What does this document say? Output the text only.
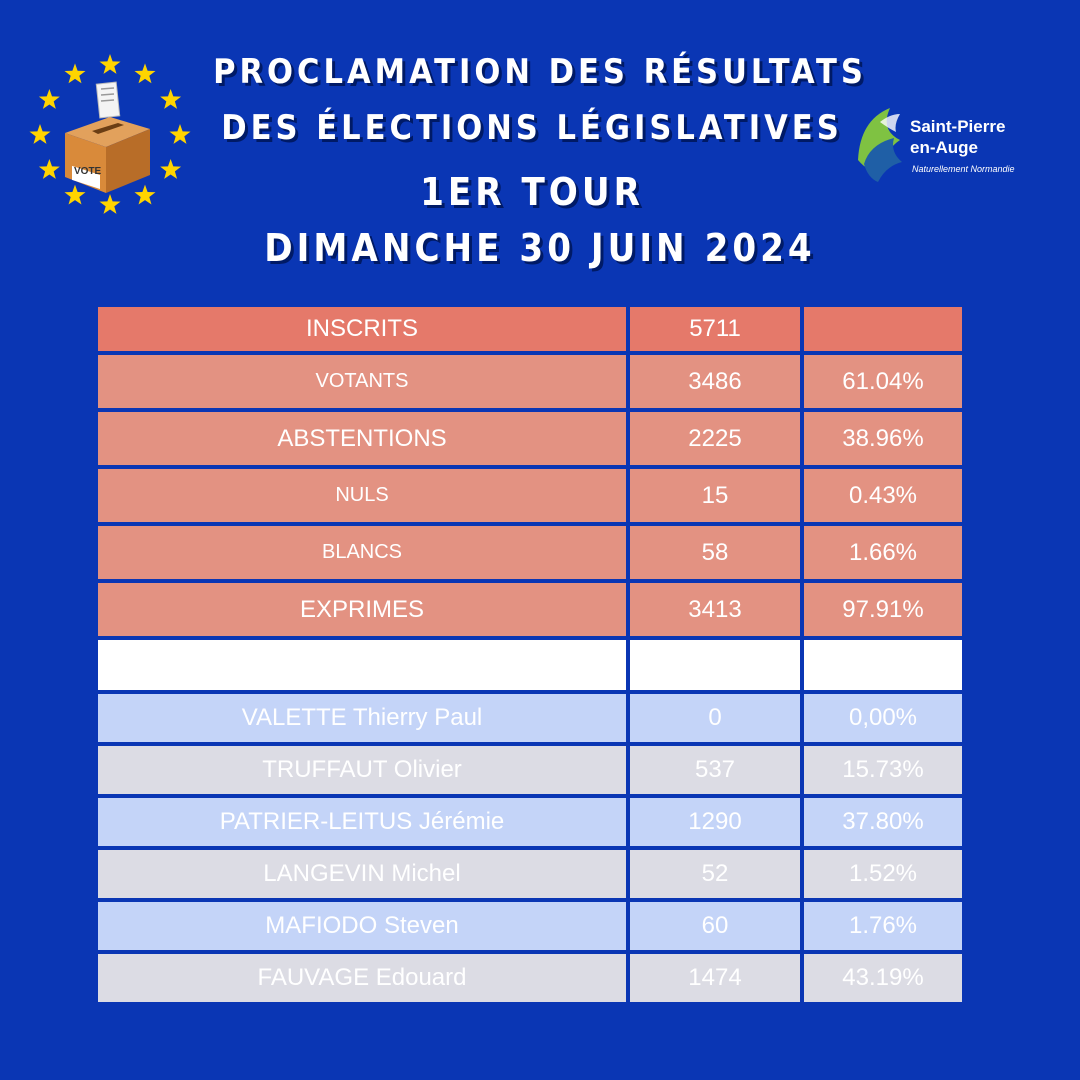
VOTE
PROCLAMATION DES RÉSULTATS
DES ÉLECTIONS LÉGISLATIVES
1ER TOUR
DIMANCHE 30 JUIN 2024
Saint-Pierre
en-Auge
Naturellement Normandie
INSCRITS	5711	
VOTANTS	3486	61.04%
ABSTENTIONS	2225	38.96%
NULS	15	0.43%
BLANCS	58	1.66%
EXPRIMES	3413	97.91%
ONT OBTENU		
VALETTE Thierry Paul	0	0,00%
TRUFFAUT Olivier	537	15.73%
PATRIER-LEITUS Jérémie	1290	37.80%
LANGEVIN Michel	52	1.52%
MAFIODO Steven	60	1.76%
FAUVAGE Edouard	1474	43.19%
